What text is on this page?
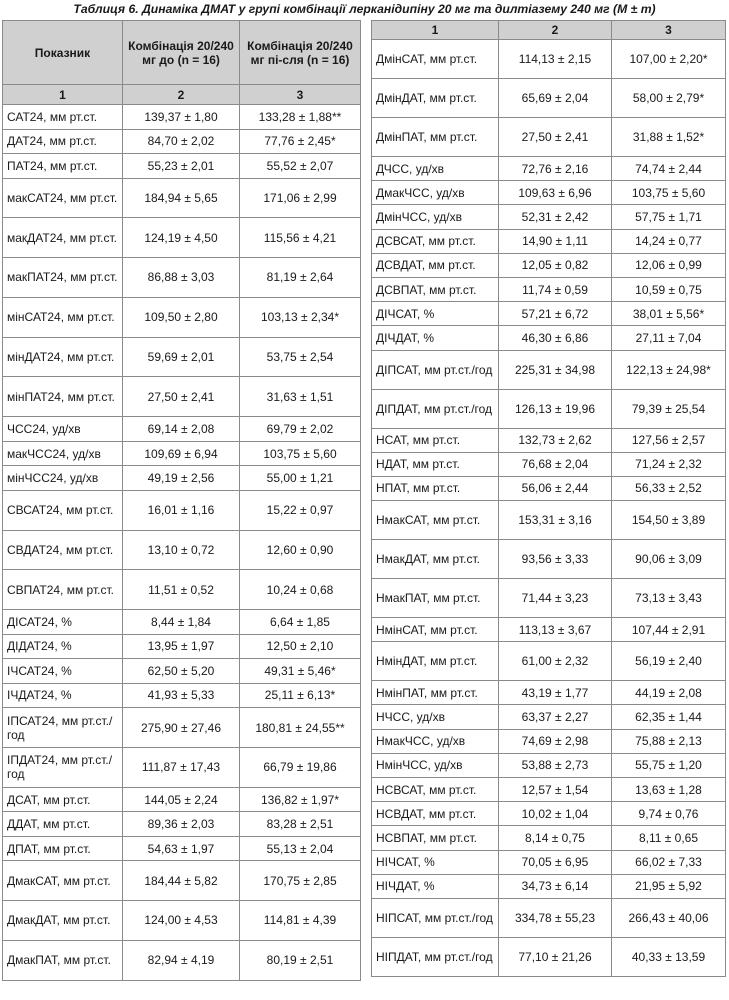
Таблиця 6. Динаміка ДМАТ у групі комбінації лерканідипіну 20 мг та дилтіазему 240 мг (M ± m)
Показник	Комбінація 20/240 мг до (n = 16)	Комбінація 20/240 мг пі-сля (n = 16)
1	2	3
САТ24, мм рт.ст.	139,37 ± 1,80	133,28 ± 1,88**
ДАТ24, мм рт.ст.	84,70 ± 2,02	77,76 ± 2,45*
ПАТ24, мм рт.ст.	55,23 ± 2,01	55,52 ± 2,07
макСАТ24, мм рт.ст.	184,94 ± 5,65	171,06 ± 2,99
макДАТ24, мм рт.ст.	124,19 ± 4,50	115,56 ± 4,21
макПАТ24, мм рт.ст.	86,88 ± 3,03	81,19 ± 2,64
мінСАТ24, мм рт.ст.	109,50 ± 2,80	103,13 ± 2,34*
мінДАТ24, мм рт.ст.	59,69 ± 2,01	53,75 ± 2,54
мінПАТ24, мм рт.ст.	27,50 ± 2,41	31,63 ± 1,51
ЧСС24, уд/хв	69,14 ± 2,08	69,79 ± 2,02
макЧСС24, уд/хв	109,69 ± 6,94	103,75 ± 5,60
мінЧСС24, уд/хв	49,19 ± 2,56	55,00 ± 1,21
СВСАТ24, мм рт.ст.	16,01 ± 1,16	15,22 ± 0,97
СВДАТ24, мм рт.ст.	13,10 ± 0,72	12,60 ± 0,90
СВПАТ24, мм рт.ст.	11,51 ± 0,52	10,24 ± 0,68
ДІСАТ24, %	8,44 ± 1,84	6,64 ± 1,85
ДІДАТ24, %	13,95 ± 1,97	12,50 ± 2,10
ІЧСАТ24, %	62,50 ± 5,20	49,31 ± 5,46*
ІЧДАТ24, %	41,93 ± 5,33	25,11 ± 6,13*
ІПСАТ24, мм рт.ст./год	275,90 ± 27,46	180,81 ± 24,55**
ІПДАТ24, мм рт.ст./год	111,87 ± 17,43	66,79 ± 19,86
ДСАТ, мм рт.ст.	144,05 ± 2,24	136,82 ± 1,97*
ДДАТ, мм рт.ст.	89,36 ± 2,03	83,28 ± 2,51
ДПАТ, мм рт.ст.	54,63 ± 1,97	55,13 ± 2,04
ДмакСАТ, мм рт.ст.	184,44 ± 5,82	170,75 ± 2,85
ДмакДАТ, мм рт.ст.	124,00 ± 4,53	114,81 ± 4,39
ДмакПАТ, мм рт.ст.	82,94 ± 4,19	80,19 ± 2,51
1	2	3
ДмінСАТ, мм рт.ст.	114,13 ± 2,15	107,00 ± 2,20*
ДмінДАТ, мм рт.ст.	65,69 ± 2,04	58,00 ± 2,79*
ДмінПАТ, мм рт.ст.	27,50 ± 2,41	31,88 ± 1,52*
ДЧСС, уд/хв	72,76 ± 2,16	74,74 ± 2,44
ДмакЧСС, уд/хв	109,63 ± 6,96	103,75 ± 5,60
ДмінЧСС, уд/хв	52,31 ± 2,42	57,75 ± 1,71
ДСВСАТ, мм рт.ст.	14,90 ± 1,11	14,24 ± 0,77
ДСВДАТ, мм рт.ст.	12,05 ± 0,82	12,06 ± 0,99
ДСВПАТ, мм рт.ст.	11,74 ± 0,59	10,59 ± 0,75
ДІЧСАТ, %	57,21 ± 6,72	38,01 ± 5,56*
ДІЧДАТ, %	46,30 ± 6,86	27,11 ± 7,04
ДІПСАТ, мм рт.ст./год	225,31 ± 34,98	122,13 ± 24,98*
ДІПДАТ, мм рт.ст./год	126,13 ± 19,96	79,39 ± 25,54
НСАТ, мм рт.ст.	132,73 ± 2,62	127,56 ± 2,57
НДАТ, мм рт.ст.	76,68 ± 2,04	71,24 ± 2,32
НПАТ, мм рт.ст.	56,06 ± 2,44	56,33 ± 2,52
НмакСАТ, мм рт.ст.	153,31 ± 3,16	154,50 ± 3,89
НмакДАТ, мм рт.ст.	93,56 ± 3,33	90,06 ± 3,09
НмакПАТ, мм рт.ст.	71,44 ± 3,23	73,13 ± 3,43
НмінСАТ, мм рт.ст.	113,13 ± 3,67	107,44 ± 2,91
НмінДАТ, мм рт.ст.	61,00 ± 2,32	56,19 ± 2,40
НмінПАТ, мм рт.ст.	43,19 ± 1,77	44,19 ± 2,08
НЧСС, уд/хв	63,37 ± 2,27	62,35 ± 1,44
НмакЧСС, уд/хв	74,69 ± 2,98	75,88 ± 2,13
НмінЧСС, уд/хв	53,88 ± 2,73	55,75 ± 1,20
НСВСАТ, мм рт.ст.	12,57 ± 1,54	13,63 ± 1,28
НСВДАТ, мм рт.ст.	10,02 ± 1,04	9,74 ± 0,76
НСВПАТ, мм рт.ст.	8,14 ± 0,75	8,11 ± 0,65
НІЧСАТ, %	70,05 ± 6,95	66,02 ± 7,33
НІЧДАТ, %	34,73 ± 6,14	21,95 ± 5,92
НІПСАТ, мм рт.ст./год	334,78 ± 55,23	266,43 ± 40,06
НІПДАТ, мм рт.ст./год	77,10 ± 21,26	40,33 ± 13,59
